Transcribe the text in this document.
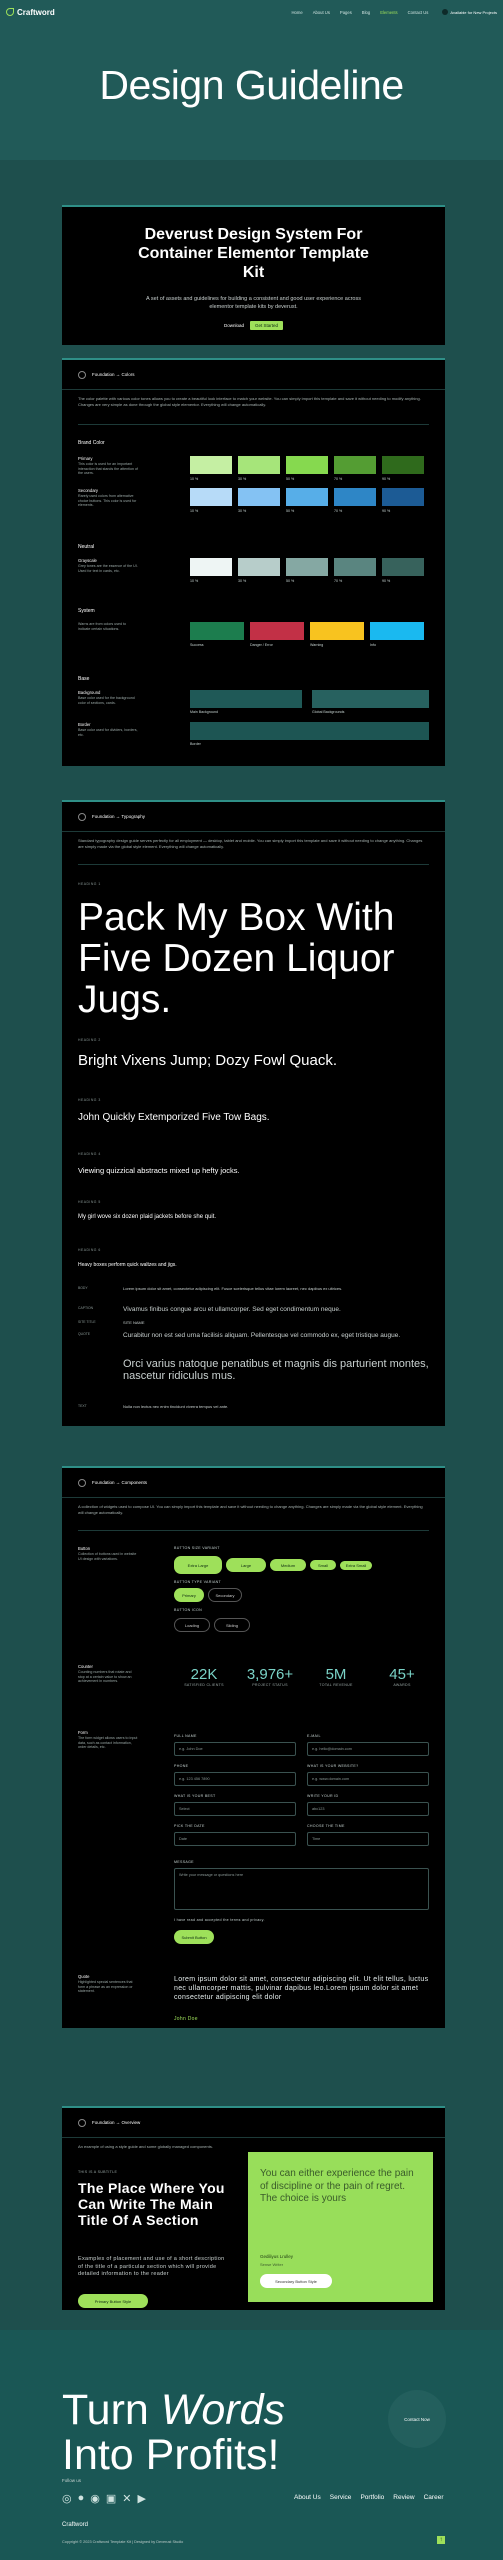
Craftword	Home About Us Pages Blog Elements Contact Us	Available for New Projects
Design Guideline
Deverust Design System For Container Elementor Template Kit

A set of assets and guidelines for building a consistent and good user experience across elementor template kits by deverust.

Download	Get Started
Foundation → Colors
The color palette with various color tones allows you to create a beautiful look interface to match your website. You can simply import this template and save it without needing to modify anything. Changes are very simple as done through the global style elementor. Everything will change automatically.
Brand Color
Primary
This color is used for an important interaction that stands the attention of the users.
Secondary
Rarely used colors from alternative choice buttons. This color is used for elements.
10 %	30 %	50 %	70 %	90 %
10 %	30 %	50 %	70 %	90 %
Neutral
Grayscale
Grey tones are the essence of the UI. Used for text in cards, etc.
10 %	30 %	50 %	70 %	90 %
System
Warns are from colors used to indicate certain situations.
Success	Danger / Error	Warning	Info
Base
Background
Base color used for the background color of sections, cards.
Border
Base color used for dividers, borders, etc.
Main Background	Global Backgrounds
Border
Foundation → Typography
Standard typography design guide serves perfectly for all employment — desktop, tablet and mobile. You can simply import this template and save it without needing to change anything. Changes are simply made via the global style element. Everything will change automatically.
HEADING 1
Pack My Box With Five Dozen Liquor Jugs.
HEADING 2
Bright Vixens Jump; Dozy Fowl Quack.
HEADING 3
John Quickly Extemporized Five Tow Bags.
HEADING 4
Viewing quizzical abstracts mixed up hefty jocks.
HEADING 5
My girl wove six dozen plaid jackets before she quit.
HEADING 6
Heavy boxes perform quick waltzes and jigs.
BODY	Lorem ipsum dolor sit amet, consectetur adipiscing elit. Fusce scelerisque tellus vitae lorem laoreet, nec dapibus ex ultrices.
CAPTION	Vivamus finibus congue arcu et ullamcorper. Sed eget condimentum neque.
SITE TITLE	SITE NAME
QUOTE	Curabitur non est sed urna facilisis aliquam. Pellentesque vel commodo ex, eget tristique augue.
Orci varius natoque penatibus et magnis dis parturient montes, nascetur ridiculus mus.
TEXT	Nulla non lectus nec enim tincidunt viverra tempus vel ante.
Foundation → Components
A collection of widgets used to compose UI. You can simply import this template and save it without needing to change anything. Changes are simply made via the global style element. Everything will change automatically.
Button
Collection of buttons used in website UI design with variations.
BUTTON SIZE VARIANT
Extra Large	Large	Medium	Small	Extra Small
BUTTON TYPE VARIANT
Primary	Secondary
BUTTON ICON
Loading	Sliding
Counter
Counting numbers that rotate and stop at a certain value to show an achievement in numbers.	22K
SATISFIED CLIENTS
3,976+
PROJECT STATUS
5M
TOTAL REVENUE
45+
AWARDS
Form
The form widget allows users to input data, such as contact information, order details, etc.
FULL NAME
e.g. John Doe
E-MAIL
e.g. hello@domain.com
PHONE
e.g. 123 456 7890
WHAT IS YOUR WEBSITE?
e.g. www.domain.com
WHAT IS YOUR BEST
Select
WRITE YOUR ID
abc123
PICK THE DATE
Date
CHOOSE THE TIME
Time
MESSAGE
Write your message or questions here
I have read and accepted the terms and privacy.
Submit Button
Quote
Highlighted special sentences that form a phrase as an expression or statement.
Lorem ipsum dolor sit amet, consectetur adipiscing elit. Ut elit tellus, luctus nec ullamcorper mattis, pulvinar dapibus leo.Lorem ipsum dolor sit amet consectetur adipiscing elit dolor
John Doe
Foundation → Overview
An example of using a style guide and some globally managed components.
THIS IS A SUBTITLE
The Place Where You Can Write The Main Title Of A Section
Examples of placement and use of a short description of the title of a particular section which will provide detailed information to the reader
Primary Button Style
You can either experience the pain of discipline or the pain of regret. The choice is yours
Gediliyus Lrulley
Sense Writer
Secondary Button Style
Turn Words
Into Profits!
Contact Now
Follow us
◎ ● ◉ ▣ ✕ ▶	About Us Service Portfolio Review Career
Craftword
Copyright © 2023 Craftword Template Kit | Designed by Deverust Studio	↑
